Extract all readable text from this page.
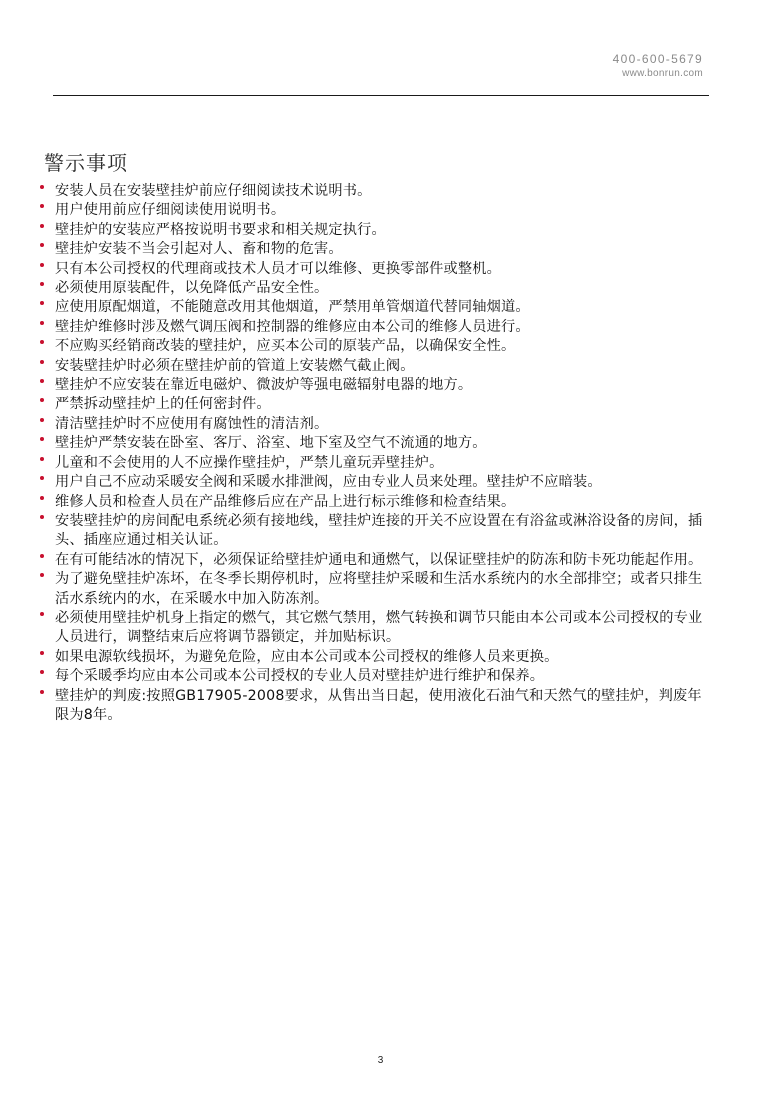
400-600-5679
www.bonrun.com
警示事项
安装人员在安装壁挂炉前应仔细阅读技术说明书。
用户使用前应仔细阅读使用说明书。
壁挂炉的安装应严格按说明书要求和相关规定执行。
壁挂炉安装不当会引起对人、畜和物的危害。
只有本公司授权的代理商或技术人员才可以维修、更换零部件或整机。
必须使用原装配件，以免降低产品安全性。
应使用原配烟道，不能随意改用其他烟道，严禁用单管烟道代替同轴烟道。
壁挂炉维修时涉及燃气调压阀和控制器的维修应由本公司的维修人员进行。
不应购买经销商改装的壁挂炉，应买本公司的原装产品，以确保安全性。
安装壁挂炉时必须在壁挂炉前的管道上安装燃气截止阀。
壁挂炉不应安装在靠近电磁炉、微波炉等强电磁辐射电器的地方。
严禁拆动壁挂炉上的任何密封件。
清洁壁挂炉时不应使用有腐蚀性的清洁剂。
壁挂炉严禁安装在卧室、客厅、浴室、地下室及空气不流通的地方。
儿童和不会使用的人不应操作壁挂炉，严禁儿童玩弄壁挂炉。
用户自己不应动采暖安全阀和采暖水排泄阀，应由专业人员来处理。壁挂炉不应暗装。
维修人员和检查人员在产品维修后应在产品上进行标示维修和检查结果。
安装壁挂炉的房间配电系统必须有接地线，壁挂炉连接的开关不应设置在有浴盆或淋浴设备的房间，插头、插座应通过相关认证。
在有可能结冰的情况下，必须保证给壁挂炉通电和通燃气，以保证壁挂炉的防冻和防卡死功能起作用。
为了避免壁挂炉冻坏，在冬季长期停机时，应将壁挂炉采暖和生活水系统内的水全部排空；或者只排生活水系统内的水，在采暖水中加入防冻剂。
必须使用壁挂炉机身上指定的燃气，其它燃气禁用，燃气转换和调节只能由本公司或本公司授权的专业人员进行，调整结束后应将调节器锁定，并加贴标识。
如果电源软线损坏，为避免危险，应由本公司或本公司授权的维修人员来更换。
每个采暖季均应由本公司或本公司授权的专业人员对壁挂炉进行维护和保养。
壁挂炉的判废:按照GB17905-2008要求，从售出当日起，使用液化石油气和天然气的壁挂炉，判废年限为8年。
3
